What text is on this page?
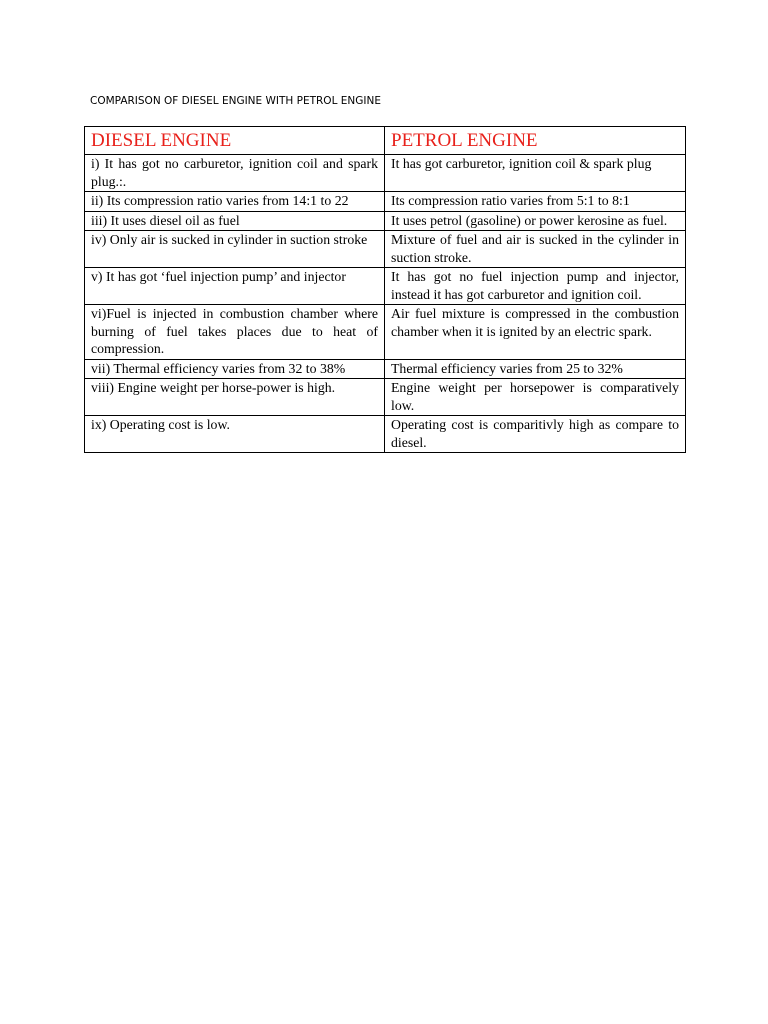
COMPARISON OF DIESEL ENGINE WITH PETROL ENGINE
DIESEL ENGINE	PETROL ENGINE
i) It has got no carburetor, ignition coil and spark plug.:.	It has got carburetor, ignition coil & spark plug
ii) Its compression ratio varies from 14:1 to 22	Its compression ratio varies from 5:1 to 8:1
iii) It uses diesel oil as fuel	It uses petrol (gasoline) or power kerosine as fuel.
iv) Only air is sucked in cylinder in suction stroke	Mixture of fuel and air is sucked in the cylinder in suction stroke.
v) It has got ‘fuel injection pump’ and injector	It has got no fuel injection pump and injector, instead it has got carburetor and ignition coil.
vi)Fuel is injected in combustion chamber where burning of fuel takes places due to heat of compression.	Air fuel mixture is compressed in the combustion chamber when it is ignited by an electric spark.
vii) Thermal efficiency varies from 32 to 38%	Thermal efficiency varies from 25 to 32%
viii) Engine weight per horse-power is high.	Engine weight per horsepower is comparatively low.
ix) Operating cost is low.	Operating cost is comparitivly high as compare to diesel.
